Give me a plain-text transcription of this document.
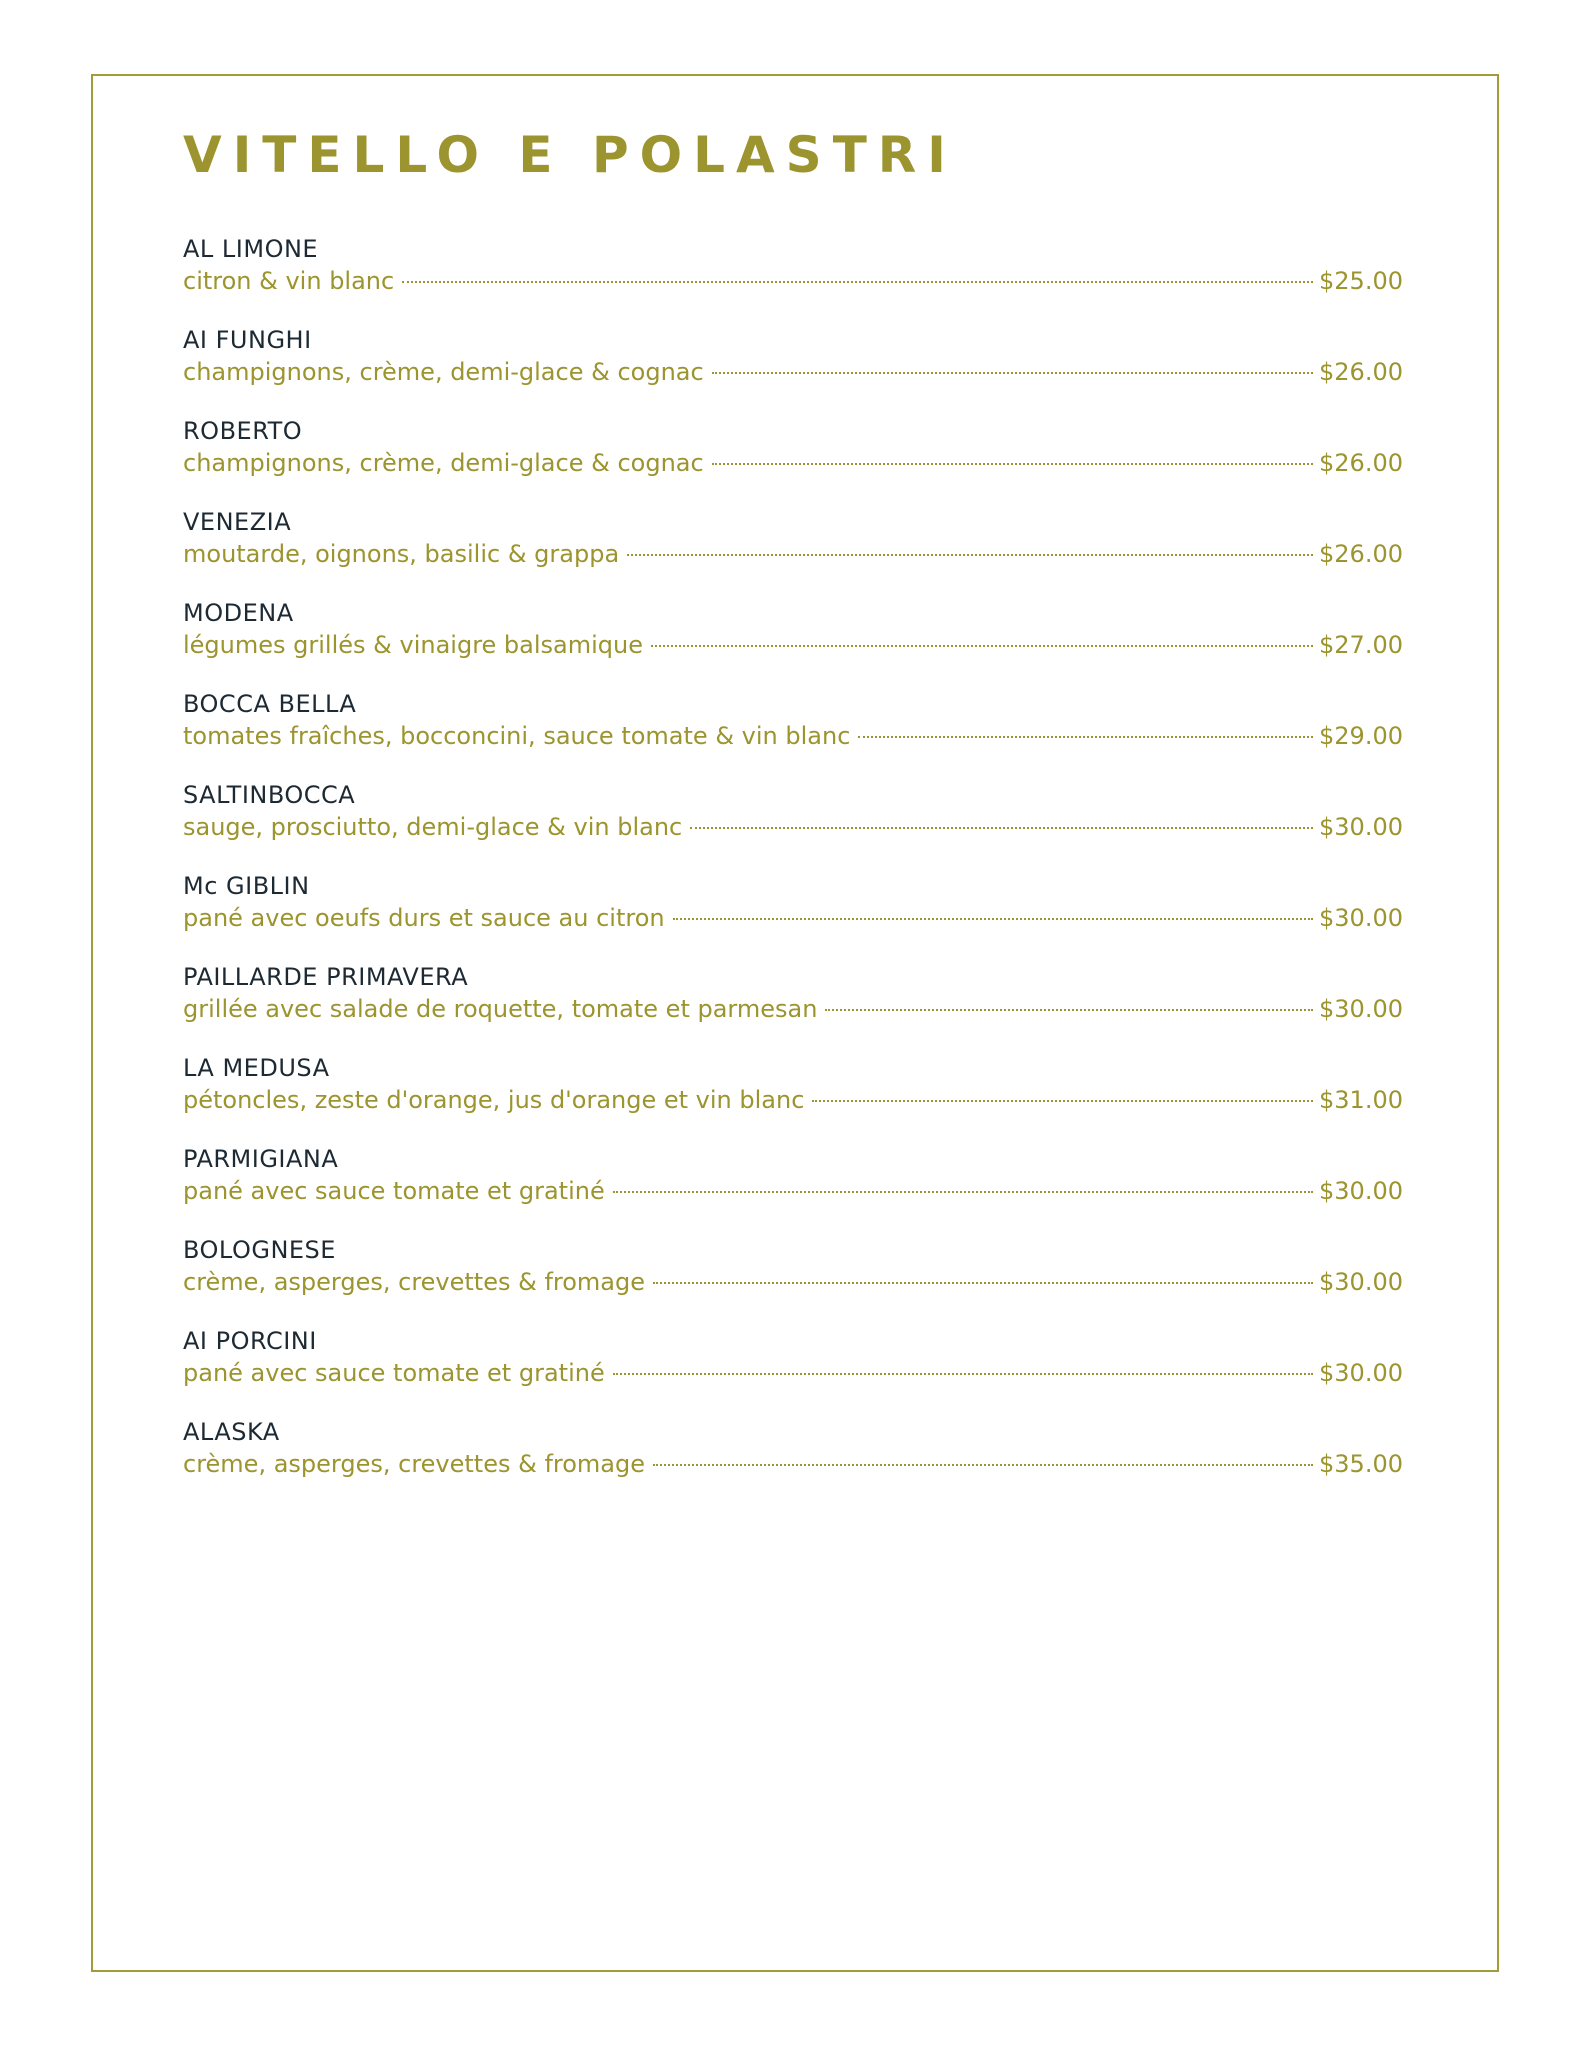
VITELLO E POLASTRI
AL LIMONE
citron & vin blanc	$25.00
AI FUNGHI
champignons, crème, demi-glace & cognac	$26.00
ROBERTO
champignons, crème, demi-glace & cognac	$26.00
VENEZIA
moutarde, oignons, basilic & grappa	$26.00
MODENA
légumes grillés & vinaigre balsamique	$27.00
BOCCA BELLA
tomates fraîches, bocconcini, sauce tomate & vin blanc	$29.00
SALTINBOCCA
sauge, prosciutto, demi-glace & vin blanc	$30.00
Mc GIBLIN
pané avec oeufs durs et sauce au citron	$30.00
PAILLARDE PRIMAVERA
grillée avec salade de roquette, tomate et parmesan	$30.00
LA MEDUSA
pétoncles, zeste d'orange, jus d'orange et vin blanc	$31.00
PARMIGIANA
pané avec sauce tomate et gratiné	$30.00
BOLOGNESE
crème, asperges, crevettes & fromage	$30.00
AI PORCINI
pané avec sauce tomate et gratiné	$30.00
ALASKA
crème, asperges, crevettes & fromage	$35.00
